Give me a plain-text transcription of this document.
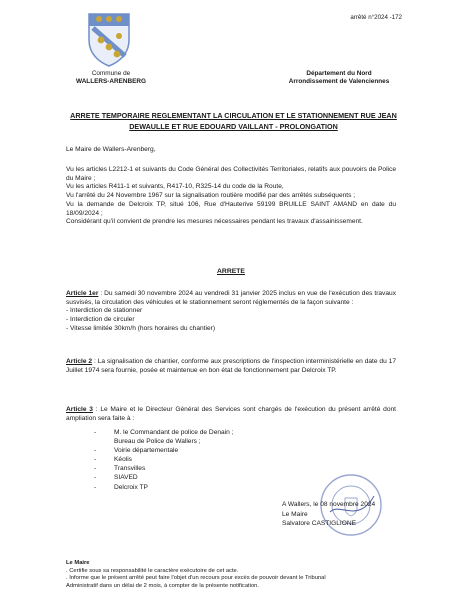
arrêté n°2024 -172
Commune de
WALLERS-ARENBERG
Département du Nord
Arrondissement de Valenciennes
ARRETE TEMPORAIRE REGLEMENTANT LA CIRCULATION ET LE STATIONNEMENT RUE JEAN
DEWAULLE ET RUE EDOUARD VAILLANT - PROLONGATION
Le Maire de Wallers-Arenberg,

Vu les articles L2212-1 et suivants du Code Général des Collectivités Territoriales, relatifs aux pouvoirs de Police du Maire ;

Vu les articles R411-1 et suivants, R417-10, R325-14 du code de la Route,

Vu l'arrêté du 24 Novembre 1967 sur la signalisation routière modifié par des arrêtés subséquents ;

Vu la demande de Delcroix TP, situé 106, Rue d'Hauterive 59199 BRUILLE SAINT AMAND en date du 18/09/2024 ;

Considérant qu'il convient de prendre les mesures nécessaires pendant les travaux d'assainissement.

ARRETE

Article 1er : Du samedi 30 novembre 2024 au vendredi 31 janvier 2025 inclus en vue de l'exécution des travaux susvisés, la circulation des véhicules et le stationnement seront réglementés de la façon suivante :

- Interdiction de stationner
- Interdiction de circuler
- Vitesse limitée 30km/h (hors horaires du chantier)

Article 2 : La signalisation de chantier, conforme aux prescriptions de l'inspection interministérielle en date du 17 Juillet 1974 sera fournie, posée et maintenue en bon état de fonctionnement par Delcroix TP.

Article 3 : Le Maire et le Directeur Général des Services sont chargés de l'exécution du présent arrêté dont ampliation sera faite à :

- M. le Commandant de police de Denain ;
Bureau de Police de Wallers ;
- Voirie départementale
- Kéolis
- Transvilles
- SIAVED
- Delcroix TP
A Wallers, le 08 novembre 2024
Le Maire
Salvatore CASTIGLIONE
Le Maire
. Certifie sous sa responsabilité le caractère exécutoire de cet acte.
. Informe que le présent arrêté peut faire l'objet d'un recours pour excès de pouvoir devant le Tribunal
Administratif dans un délai de 2 mois, à compter de la présente notification.
